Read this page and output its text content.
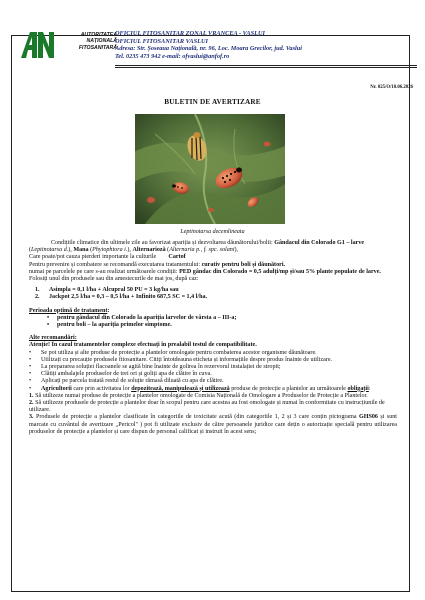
AUTORITATEA
NAȚIONALĂ
FITOSANITARĂ
OFICIUL FITOSANITAR ZONAL VRANCEA - VASLUI
OFICIUL FITOSANITAR VASLUI
Adresa: Str. Șoseaua Națională, nr. 96, Loc. Moara Grecilor, jud. Vaslui
Tel. 0235 473 942 e-mail: ofvaslui@anfof.ro
Nr. 025/O/10.06.2026
BULETIN DE AVERTIZARE
Leptinotarsa decemlineata

Condițiile climatice din ultimele zile au favorizat apariția și dezvoltarea dăunătorului/bolii: Gândacul din Colorado G1 – larve (Leptinotarsa d.), Mana (Phytophtora i.), Alternarioză (Alternaria p., f. spc. solani),

Care poate/pot cauza pierderi importante la culturile        Cartof

Pentru prevenire și combatere se recomandă executarea tratamentului: curativ pentru boli și dăunători.

numai pe parcelele pe care s-au realizat următoarele condiții: PED gândac din Colorado = 0,5 adulți/mp și/sau 5% plante populate de larve.

Folosiți unul din produsele sau din amestecurile de mai jos, după caz:

1. Asimpla = 0,1 l/ha + Alcupral 50 PU = 3 kg/ha sau
2. Jackpot 2,5 l/ha = 0,3 – 0,5 l/ha + Infinito 687,5 SC = 1,4 l/ha.

Perioada optimă de tratament:

• pentru gândacul din Colorado la apariția larvelor de vârsta a – III-a;
• pentru boli – la apariția primelor simptome.

Alte recomandări:

Atenție! În cazul tratamentelor complexe efectuați în prealabil testul de compatibilitate.

• Se pot utiliza și alte produse de protecție a plantelor omologate pentru combaterea acestor organisme dăunătoare.
• Utilizați cu precauție produsele fitosanitare. Citiți întotdeauna eticheta și informațiile despre produs înainte de utilizare.
• La prepararea soluției flacoanele se agită bine înainte de golirea în rezervorul instalației de stropit;
• Clătiți ambalajele produselor de trei ori și goliți apa de clătire în cuva.
• Aplicați pe parcela tratată restul de soluție rămasă diluată cu apa de clătire.
• Agricultorii care prin activitatea lor depozitează, manipulează și utilizează produse de protecție a plantelor au următoarele obligații:

1. Să utilizeze numai produse de protecție a plantelor omologate de Comisia Națională de Omologare a Produselor de Protecție a Plantelor.

2. Să utilizeze produsele de protecție a plantelor doar în scopul pentru care acestea au fost omologate și numai în conformitate cu instrucțiunile de utilizare.

3. Produsele de protecție a plantelor clasificate în categoriile de toxicitate acută (din categoriile 1, 2 și 3 care conțin pictograma GHS06 și sunt marcate cu cuvântul de avertizare „Pericol" ) pot fi utilizate exclusiv de către persoanele juridice care dețin o autorizație specială pentru utilizarea produselor de protecție a plantelor și care dispun de personal calificat și instruit în acest sens;
